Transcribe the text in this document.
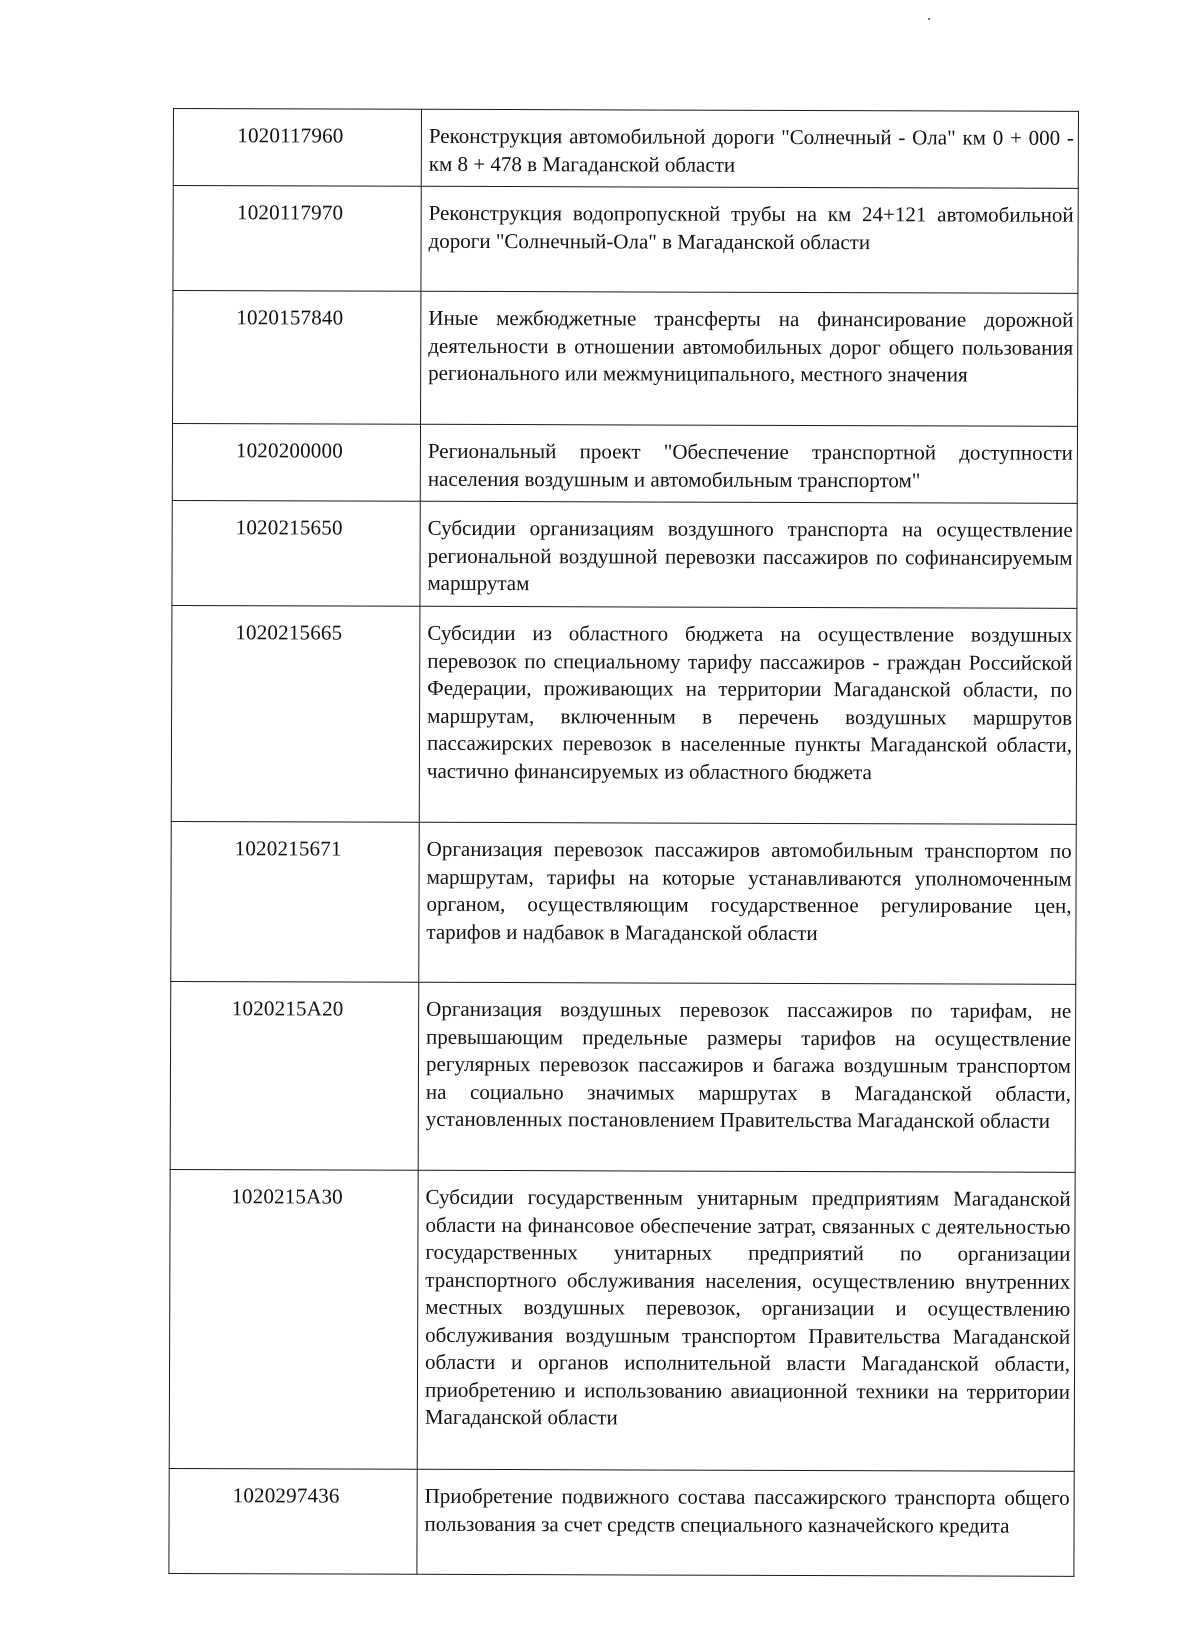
1020117960	Реконструкция автомобильной дороги "Солнечный - Ола" км 0 + 000 - км 8 + 478 в Магаданской области
1020117970	Реконструкция водопропускной трубы на км 24+121 автомобильной дороги "Солнечный-Ола" в Магаданской области
1020157840	Иные межбюджетные трансферты на финансирование дорожной деятельности в отношении автомобильных дорог общего пользования регионального или межмуниципального, местного значения
1020200000	Региональный проект "Обеспечение транспортной доступности населения воздушным и автомобильным транспортом"
1020215650	Субсидии организациям воздушного транспорта на осуществление региональной воздушной перевозки пассажиров по софинансируемым маршрутам
1020215665	Субсидии из областного бюджета на осуществление воздушных перевозок по специальному тарифу пассажиров - граждан Российской Федерации, проживающих на территории Магаданской области, по маршрутам, включенным в перечень воздушных маршрутов пассажирских перевозок в населенные пункты Магаданской области, частично финансируемых из областного бюджета
1020215671	Организация перевозок пассажиров автомобильным транспортом по маршрутам, тарифы на которые устанавливаются уполномоченным органом, осуществляющим государственное регулирование цен, тарифов и надбавок в Магаданской области
1020215A20	Организация воздушных перевозок пассажиров по тарифам, не превышающим предельные размеры тарифов на осуществление регулярных перевозок пассажиров и багажа воздушным транспортом на социально значимых маршрутах в Магаданской области, установленных постановлением Правительства Магаданской области
1020215A30	Субсидии государственным унитарным предприятиям Магаданской области на финансовое обеспечение затрат, связанных с деятельностью государственных унитарных предприятий по организации транспортного обслуживания населения, осуществлению внутренних местных воздушных перевозок, организации и осуществлению обслуживания воздушным транспортом Правительства Магаданской области и органов исполнительной власти Магаданской области, приобретению и использованию авиационной техники на территории Магаданской области
1020297436	Приобретение подвижного состава пассажирского транспорта общего пользования за счет средств специального казначейского кредита
